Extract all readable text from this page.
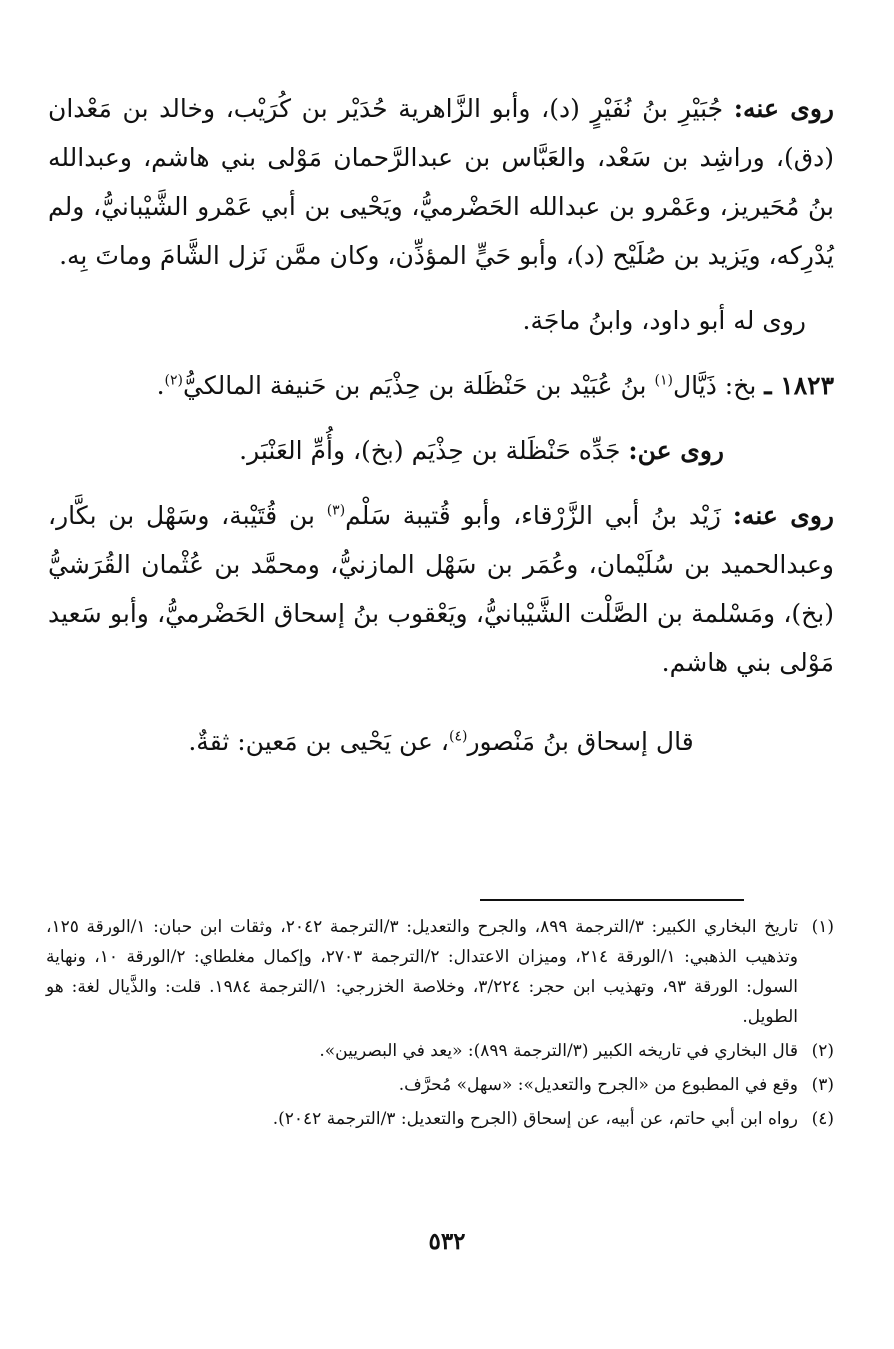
روى عنه: جُبَيْرِ بنُ نُفَيْرٍ (د)، وأبو الزَّاهرية حُدَيْر بن كُرَيْب، وخالد بن مَعْدان (دق)، وراشِد بن سَعْد، والعَبَّاس بن عبدالرَّحمان مَوْلى بني هاشم، وعبدالله بنُ مُحَيريز، وعَمْرو بن عبدالله الحَضْرميُّ، ويَحْيى بن أبي عَمْرو الشَّيْبانيُّ، ولم يُدْرِكه، ويَزيد بن صُلَيْح (د)، وأبو حَيٍّ المؤذِّن، وكان ممَّن نَزل الشَّامَ وماتَ بِه.

روى له أبو داود، وابنُ ماجَة.

١٨٢٣ ـ بخ: ذَيَّال$^{(١)}$ بنُ عُبَيْد بن حَنْظَلة بن حِذْيَم بن حَنيفة المالكيُّ$^{(٢)}$.

روى عن: جَدِّه حَنْظَلة بن حِذْيَم (بخ)، وأُمِّ العَنْبَر.

روى عنه: زَيْد بنُ أبي الزَّرْقاء، وأبو قُتيبة سَلْم$^{(٣)}$ بن قُتَيْبة، وسَهْل بن بكَّار، وعبدالحميد بن سُلَيْمان، وعُمَر بن سَهْل المازنيُّ، ومحمَّد بن عُثْمان القُرَشيُّ (بخ)، ومَسْلمة بن الصَّلْت الشَّيْبانيُّ، ويَعْقوب بنُ إسحاق الحَضْرميُّ، وأبو سَعيد مَوْلى بني هاشم.

قال إسحاق بنُ مَنْصور$^{(٤)}$، عن يَحْيى بن مَعين: ثقةٌ.

(١)
تاريخ البخاري الكبير: ٣/الترجمة ٨٩٩، والجرح والتعديل: ٣/الترجمة ٢٠٤٢، وثقات ابن حبان: ١/الورقة ١٢٥، وتذهيب الذهبي: ١/الورقة ٢١٤، وميزان الاعتدال: ٢/الترجمة ٢٧٠٣، وإكمال مغلطاي: ٢/الورقة ١٠، ونهاية السول: الورقة ٩٣، وتهذيب ابن حجر: ٣/٢٢٤، وخلاصة الخزرجي: ١/الترجمة ١٩٨٤. قلت: والذَّيال لغة: هو الطويل.

(٢)
قال البخاري في تاريخه الكبير (٣/الترجمة ٨٩٩): «يعد في البصريين».

(٣)
وقع في المطبوع من «الجرح والتعديل»: «سهل» مُحرَّف.

(٤)
رواه ابن أبي حاتم، عن أبيه، عن إسحاق (الجرح والتعديل: ٣/الترجمة ٢٠٤٢).

٥٣٢
